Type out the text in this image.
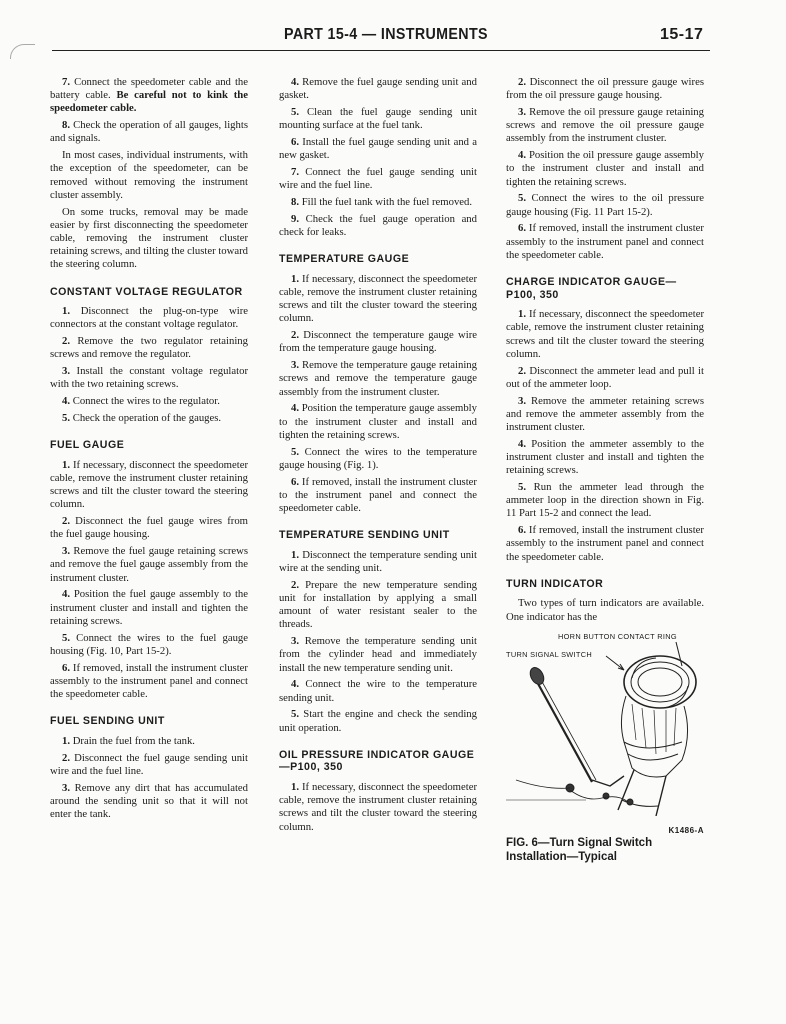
PART 15-4 — INSTRUMENTS	15-17

7. Connect the speedometer cable and the battery cable. Be careful not to kink the speedometer cable.

8. Check the operation of all gauges, lights and signals.

In most cases, individual instruments, with the exception of the speedometer, can be removed without removing the instrument cluster assembly.

On some trucks, removal may be made easier by first disconnecting the speedometer cable, removing the instrument cluster retaining screws, and tilting the cluster toward the steering column.

CONSTANT VOLTAGE REGULATOR

1. Disconnect the plug-on-type wire connectors at the constant voltage regulator.

2. Remove the two regulator retaining screws and remove the regulator.

3. Install the constant voltage regulator with the two retaining screws.

4. Connect the wires to the regulator.

5. Check the operation of the gauges.

FUEL GAUGE

1. If necessary, disconnect the speedometer cable, remove the instrument cluster retaining screws and tilt the cluster toward the steering column.

2. Disconnect the fuel gauge wires from the fuel gauge housing.

3. Remove the fuel gauge retaining screws and remove the fuel gauge assembly from the instrument cluster.

4. Position the fuel gauge assembly to the instrument cluster and install and tighten the retaining screws.

5. Connect the wires to the fuel gauge housing (Fig. 10, Part 15-2).

6. If removed, install the instrument cluster assembly to the instrument panel and connect the speedometer cable.

FUEL SENDING UNIT

1. Drain the fuel from the tank.

2. Disconnect the fuel gauge sending unit wire and the fuel line.

3. Remove any dirt that has accumulated around the sending unit so that it will not enter the tank.

4. Remove the fuel gauge sending unit and gasket.

5. Clean the fuel gauge sending unit mounting surface at the fuel tank.

6. Install the fuel gauge sending unit and a new gasket.

7. Connect the fuel gauge sending unit wire and the fuel line.

8. Fill the fuel tank with the fuel removed.

9. Check the fuel gauge operation and check for leaks.

TEMPERATURE GAUGE

1. If necessary, disconnect the speedometer cable, remove the instrument cluster retaining screws and tilt the cluster toward the steering column.

2. Disconnect the temperature gauge wire from the temperature gauge housing.

3. Remove the temperature gauge retaining screws and remove the temperature gauge assembly from the instrument cluster.

4. Position the temperature gauge assembly to the instrument cluster and install and tighten the retaining screws.

5. Connect the wires to the temperature gauge housing (Fig. 1).

6. If removed, install the instrument cluster to the instrument panel and connect the speedometer cable.

TEMPERATURE SENDING UNIT

1. Disconnect the temperature sending unit wire at the sending unit.

2. Prepare the new temperature sending unit for installation by applying a small amount of water resistant sealer to the threads.

3. Remove the temperature sending unit from the cylinder head and immediately install the new temperature sending unit.

4. Connect the wire to the temperature sending unit.

5. Start the engine and check the sending unit operation.

OIL PRESSURE INDICATOR GAUGE—P100, 350

1. If necessary, disconnect the speedometer cable, remove the instrument cluster retaining screws and tilt the cluster toward the steering column.

2. Disconnect the oil pressure gauge wires from the oil pressure gauge housing.

3. Remove the oil pressure gauge retaining screws and remove the oil pressure gauge assembly from the instrument cluster.

4. Position the oil pressure gauge assembly to the instrument cluster and install and tighten the retaining screws.

5. Connect the wires to the oil pressure gauge housing (Fig. 11 Part 15-2).

6. If removed, install the instrument cluster assembly to the instrument panel and connect the speedometer cable.

CHARGE INDICATOR GAUGE—P100, 350

1. If necessary, disconnect the speedometer cable, remove the instrument cluster retaining screws and tilt the cluster toward the steering column.

2. Disconnect the ammeter lead and pull it out of the ammeter loop.

3. Remove the ammeter retaining screws and remove the ammeter assembly from the instrument cluster.

4. Position the ammeter assembly to the instrument cluster and install and tighten the retaining screws.

5. Run the ammeter lead through the ammeter loop in the direction shown in Fig. 11 Part 15-2 and connect the lead.

6. If removed, install the instrument cluster assembly to the instrument panel and connect the speedometer cable.

TURN INDICATOR

Two types of turn indicators are available. One indicator has the

HORN BUTTON CONTACT RING
TURN SIGNAL SWITCH
K1486-A
FIG. 6—Turn Signal Switch Installation—Typical
